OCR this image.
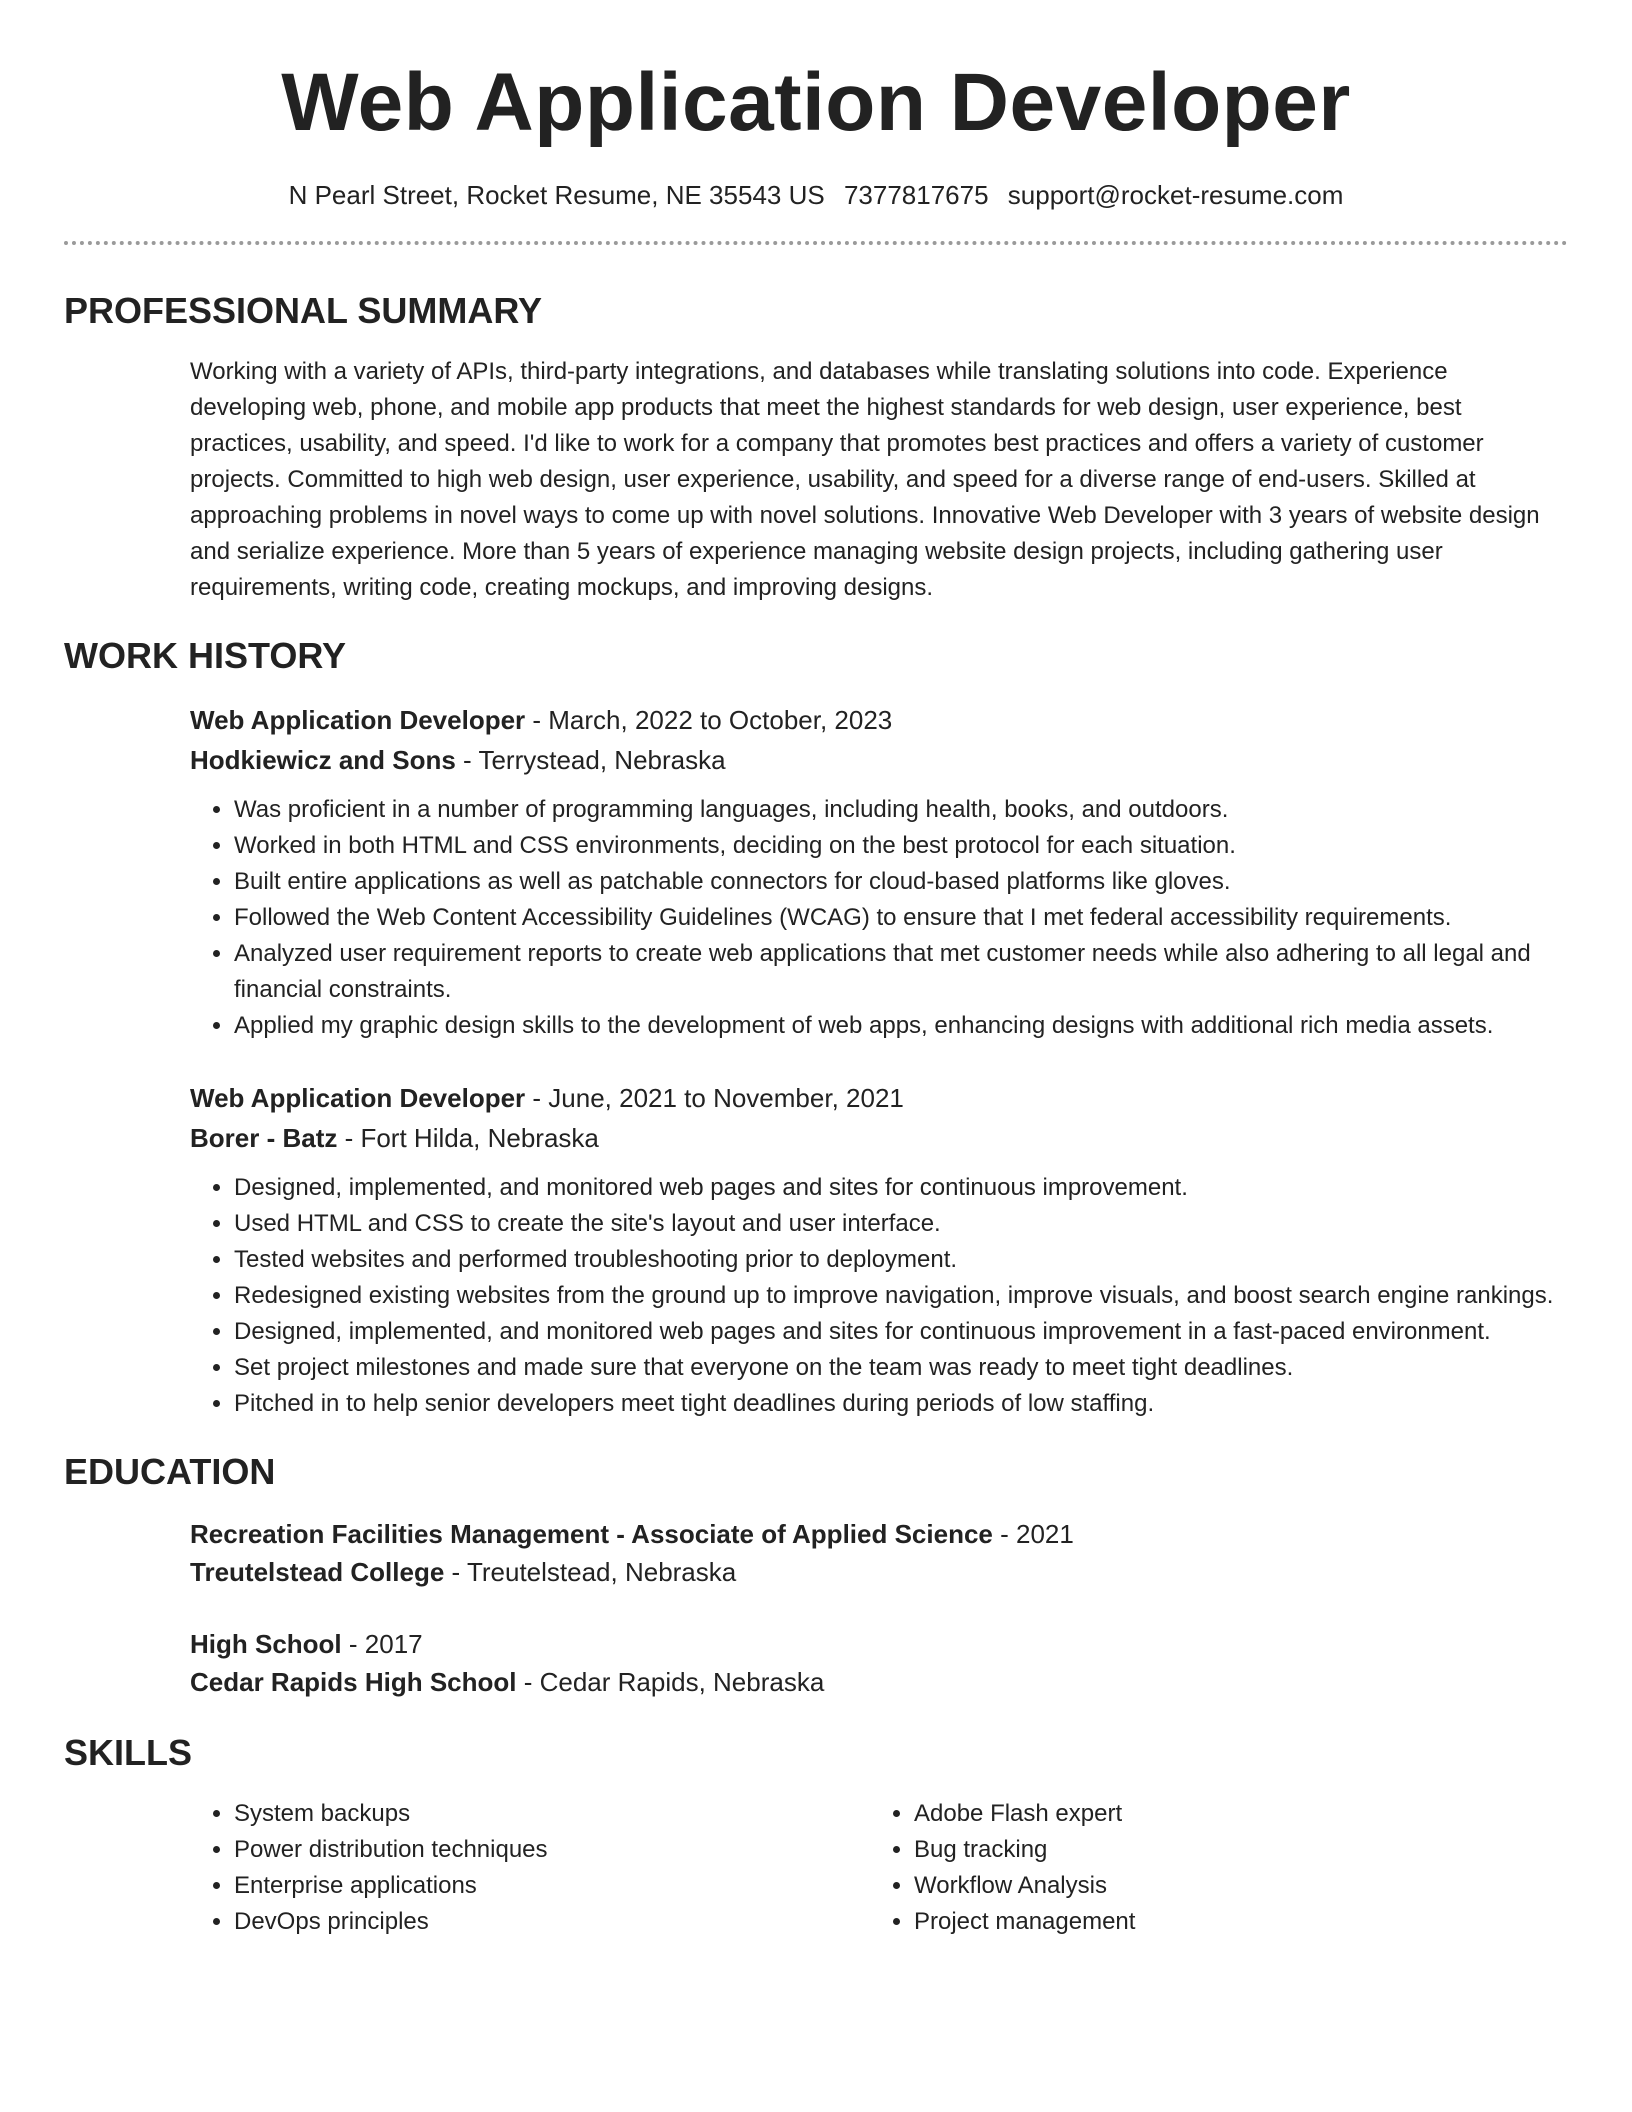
Web Application Developer
N Pearl Street, Rocket Resume, NE 35543 US 7377817675 support@rocket-resume.com
PROFESSIONAL SUMMARY

Working with a variety of APIs, third-party integrations, and databases while translating solutions into code. Experience developing web, phone, and mobile app products that meet the highest standards for web design, user experience, best practices, usability, and speed. I'd like to work for a company that promotes best practices and offers a variety of customer projects. Committed to high web design, user experience, usability, and speed for a diverse range of end-users. Skilled at approaching problems in novel ways to come up with novel solutions. Innovative Web Developer with 3 years of website design and serialize experience. More than 5 years of experience managing website design projects, including gathering user requirements, writing code, creating mockups, and improving designs.

WORK HISTORY
Web Application Developer - March, 2022 to October, 2023
Hodkiewicz and Sons - Terrystead, Nebraska
• Was proficient in a number of programming languages, including health, books, and outdoors.
• Worked in both HTML and CSS environments, deciding on the best protocol for each situation.
• Built entire applications as well as patchable connectors for cloud-based platforms like gloves.
• Followed the Web Content Accessibility Guidelines (WCAG) to ensure that I met federal accessibility requirements.
• Analyzed user requirement reports to create web applications that met customer needs while also adhering to all legal and financial constraints.
• Applied my graphic design skills to the development of web apps, enhancing designs with additional rich media assets.
Web Application Developer - June, 2021 to November, 2021
Borer - Batz - Fort Hilda, Nebraska
• Designed, implemented, and monitored web pages and sites for continuous improvement.
• Used HTML and CSS to create the site's layout and user interface.
• Tested websites and performed troubleshooting prior to deployment.
• Redesigned existing websites from the ground up to improve navigation, improve visuals, and boost search engine rankings.
• Designed, implemented, and monitored web pages and sites for continuous improvement in a fast-paced environment.
• Set project milestones and made sure that everyone on the team was ready to meet tight deadlines.
• Pitched in to help senior developers meet tight deadlines during periods of low staffing.
EDUCATION
Recreation Facilities Management - Associate of Applied Science - 2021
Treutelstead College - Treutelstead, Nebraska
High School - 2017
Cedar Rapids High School - Cedar Rapids, Nebraska
SKILLS
• System backups
• Power distribution techniques
• Enterprise applications
• DevOps principles
• Adobe Flash expert
• Bug tracking
• Workflow Analysis
• Project management
